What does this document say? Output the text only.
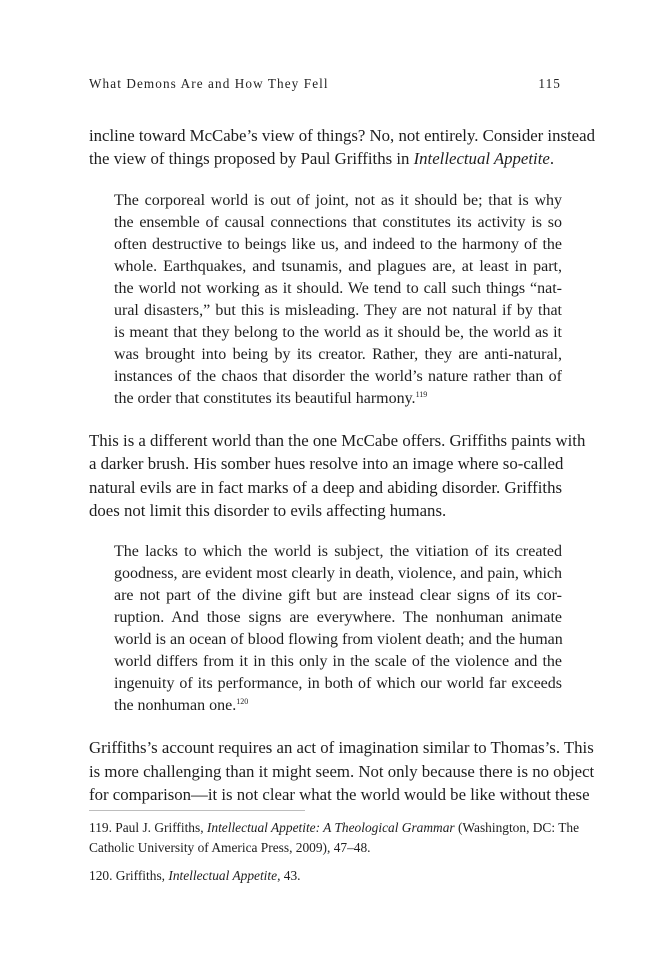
What Demons Are and How They Fell	115

incline toward McCabe’s view of things? No, not entirely. Consider instead
the view of things proposed by Paul Griffiths in Intellectual Appetite.

The corporeal world is out of joint, not as it should be; that is why
the ensemble of causal connections that constitutes its activity is so
often destructive to beings like us, and indeed to the harmony of the
whole. Earthquakes, and tsunamis, and plagues are, at least in part,
the world not working as it should. We tend to call such things “nat-
ural disasters,” but this is misleading. They are not natural if by that
is meant that they belong to the world as it should be, the world as it
was brought into being by its creator. Rather, they are anti-natural,
instances of the chaos that disorder the world’s nature rather than of
the order that constitutes its beautiful harmony.$^{119}$

This is a different world than the one McCabe offers. Griffiths paints with
a darker brush. His somber hues resolve into an image where so-called
natural evils are in fact marks of a deep and abiding disorder. Griffiths
does not limit this disorder to evils affecting humans.

The lacks to which the world is subject, the vitiation of its created
goodness, are evident most clearly in death, violence, and pain, which
are not part of the divine gift but are instead clear signs of its cor-
ruption. And those signs are everywhere. The nonhuman animate
world is an ocean of blood flowing from violent death; and the human
world differs from it in this only in the scale of the violence and the
ingenuity of its performance, in both of which our world far exceeds
the nonhuman one.$^{120}$

Griffiths’s account requires an act of imagination similar to Thomas’s. This
is more challenging than it might seem. Not only because there is no object
for comparison—it is not clear what the world would be like without these

119. Paul J. Griffiths, Intellectual Appetite: A Theological Grammar (Washington, DC: The
Catholic University of America Press, 2009), 47–48.

120. Griffiths, Intellectual Appetite, 43.
